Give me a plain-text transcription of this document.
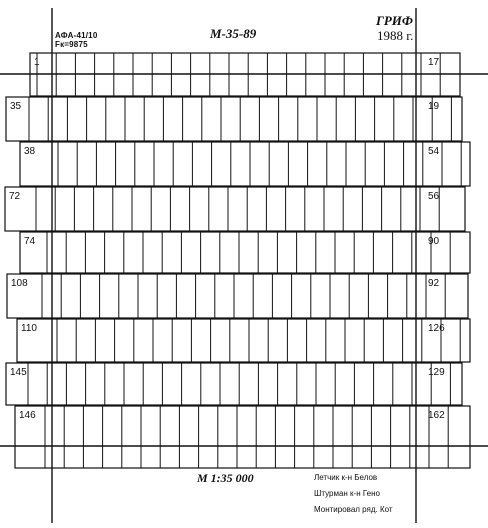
1	17
35	19
38	54
72	56
74	90
108	92
110	126
145	129
146	162
АФА-41/10
Fк=9875
М-35-89
ГРИФ
1988 г.
М 1:35 000	Летчик к-н Белов
Штурман к-н Гено
Монтировал ряд. Кот
